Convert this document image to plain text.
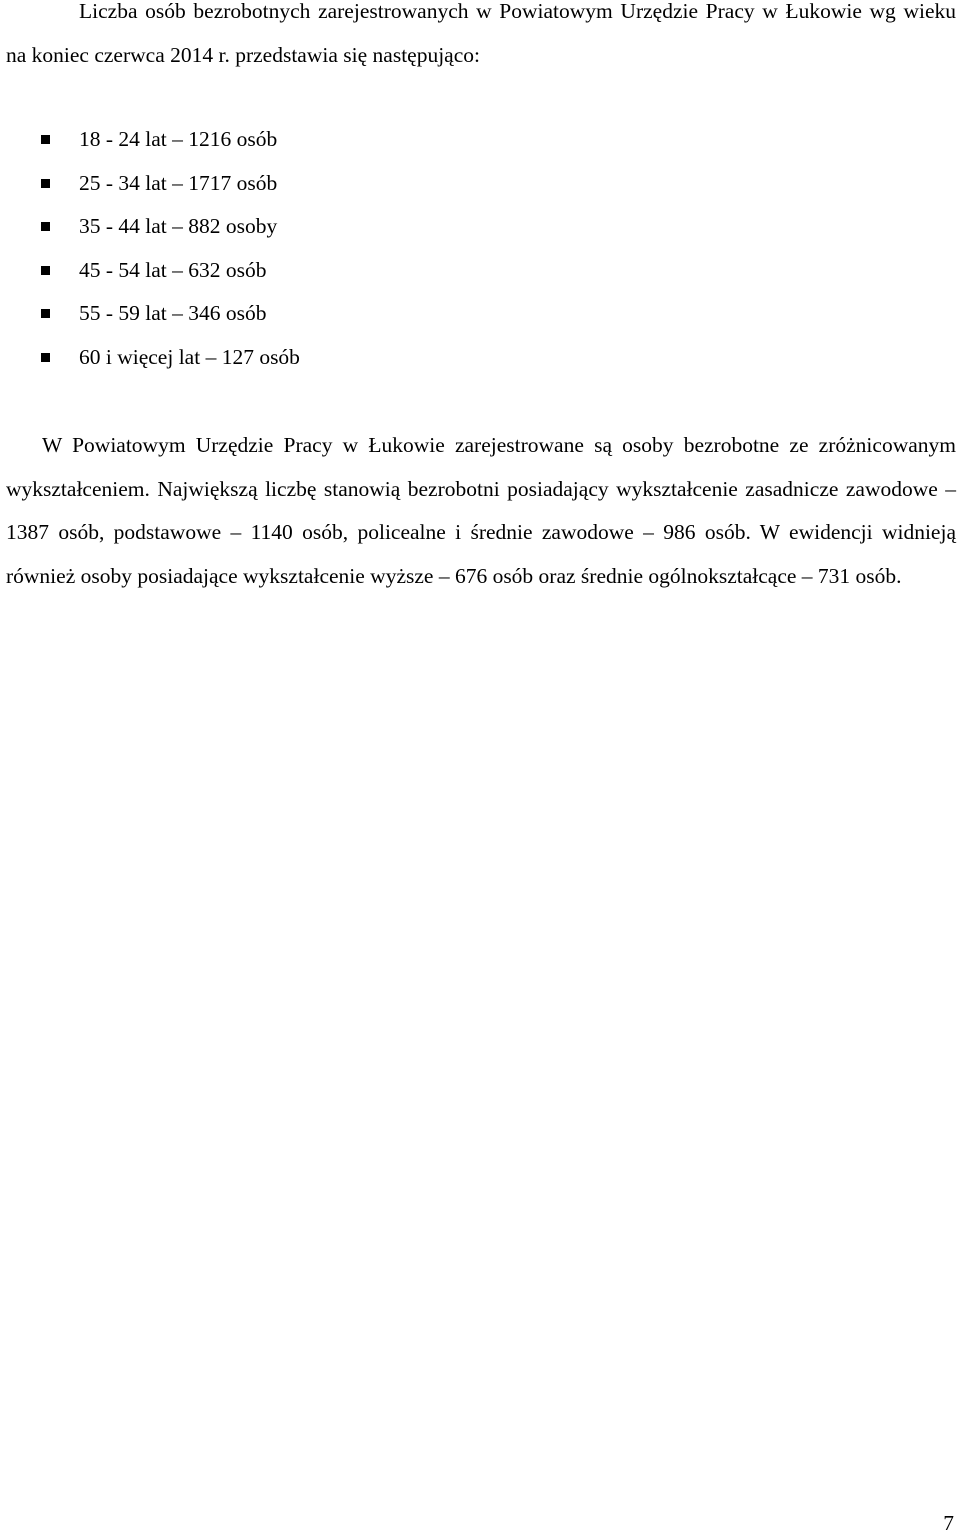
Liczba osób bezrobotnych zarejestrowanych w Powiatowym Urzędzie Pracy w Łukowie wg wieku na koniec czerwca 2014 r. przedstawia się następująco:

18 - 24 lat – 1216 osób
25 - 34 lat – 1717 osób
35 - 44 lat – 882 osoby
45 - 54 lat – 632 osób
55 - 59 lat – 346 osób
60 i więcej lat – 127 osób

W Powiatowym Urzędzie Pracy w Łukowie zarejestrowane są osoby bezrobotne ze zróżnicowanym wykształceniem. Największą liczbę stanowią bezrobotni posiadający wykształcenie zasadnicze zawodowe – 1387 osób, podstawowe – 1140 osób, policealne i średnie zawodowe – 986 osób. W ewidencji widnieją również osoby posiadające wykształcenie wyższe – 676 osób oraz średnie ogólnokształcące – 731 osób.

7
